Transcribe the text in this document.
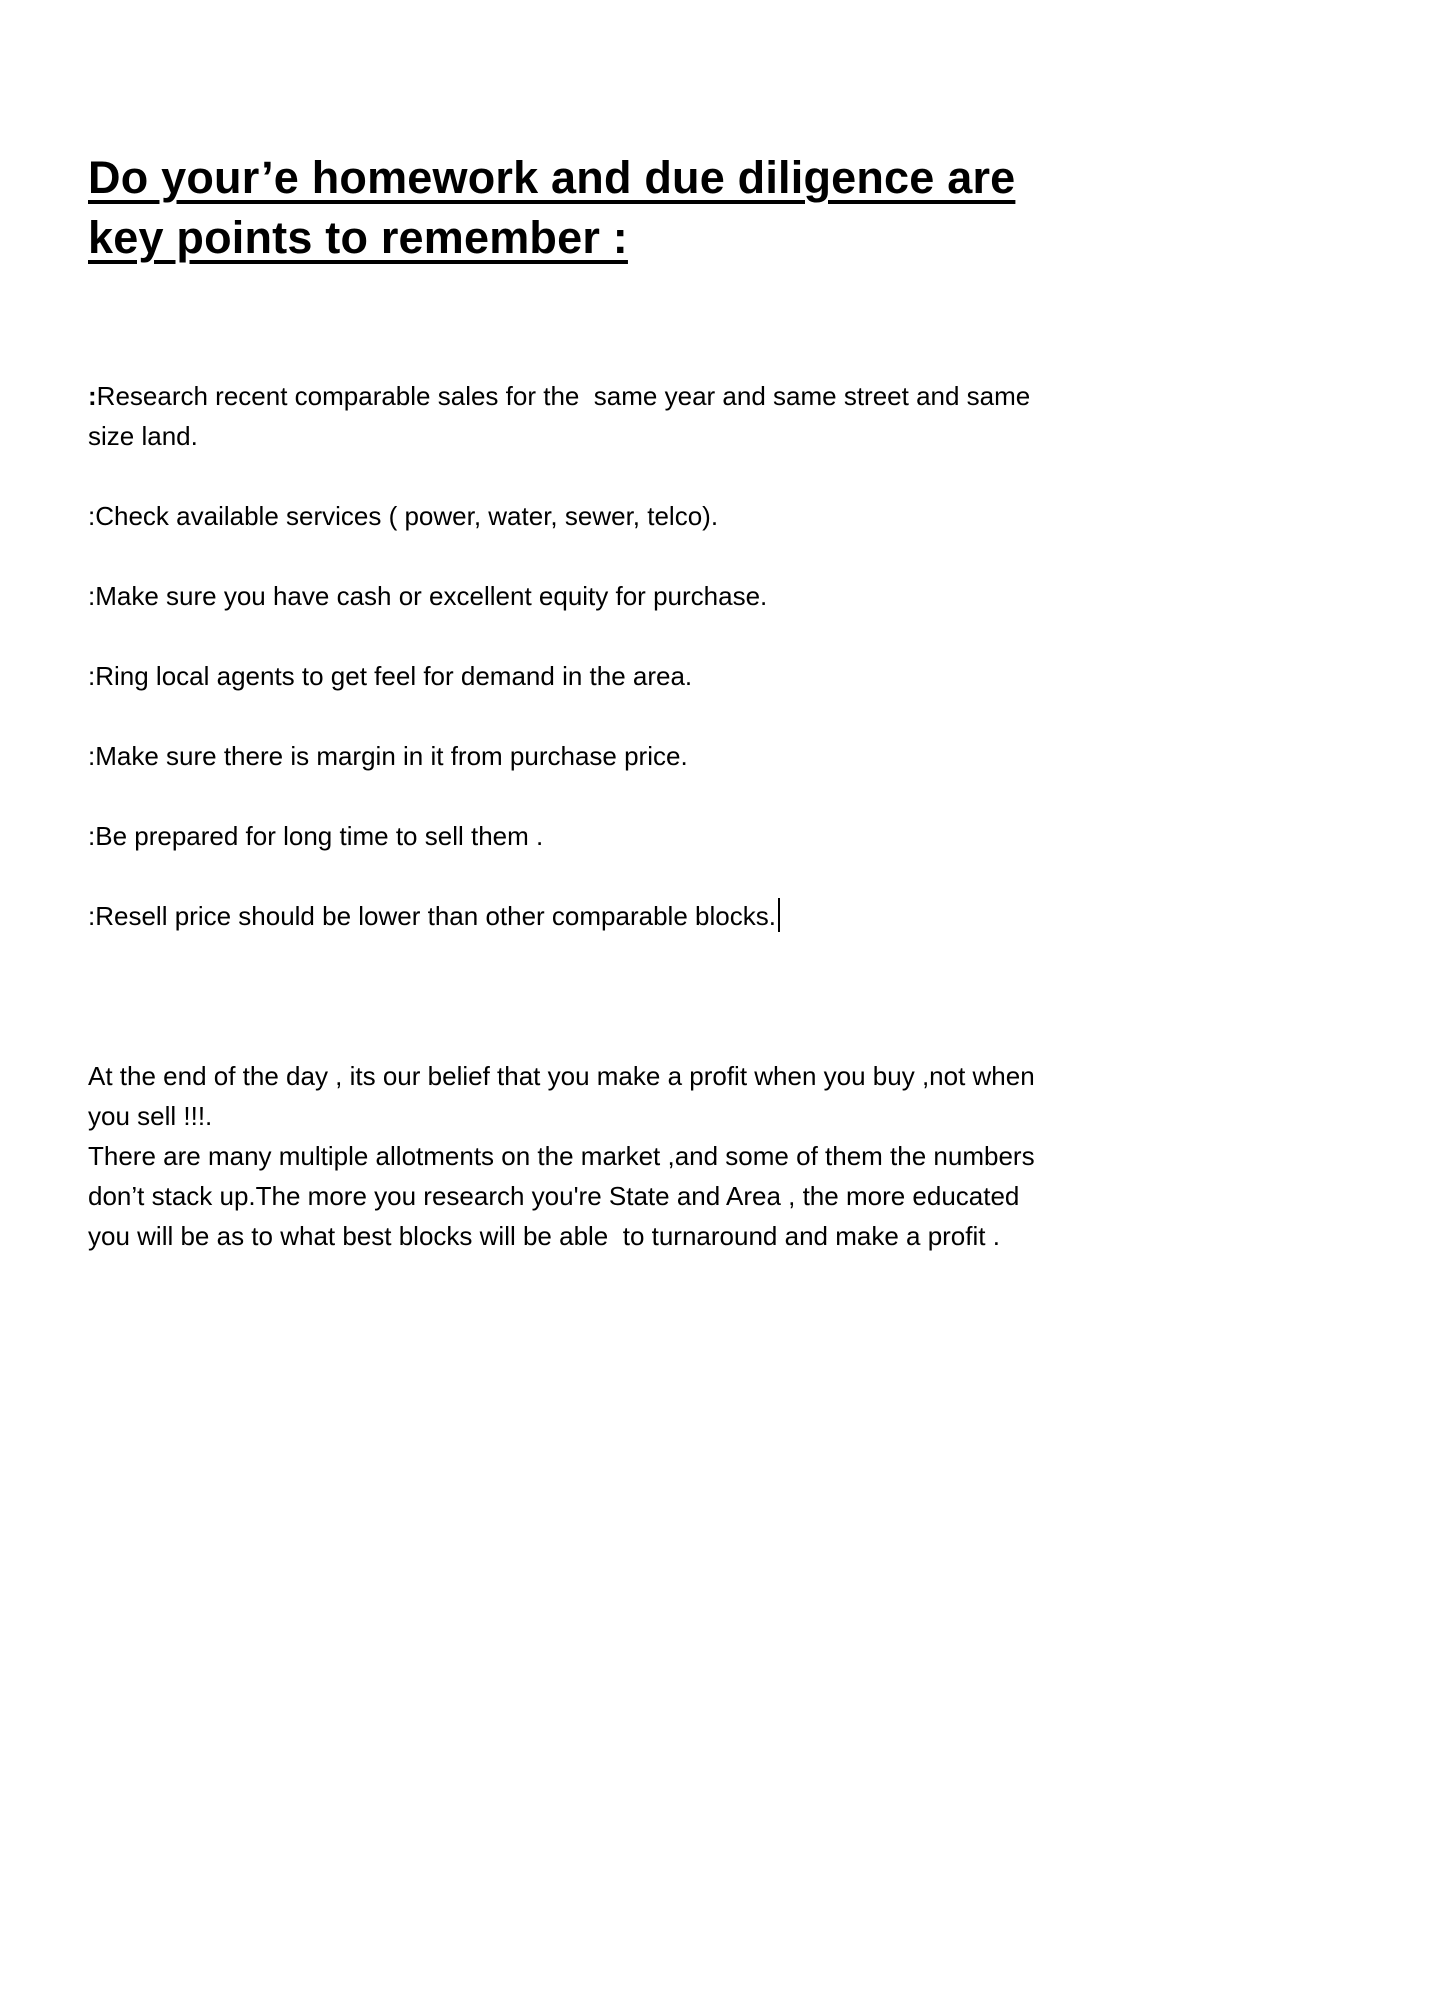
Do your’e homework and due diligence are
key points to remember :
:Research recent comparable sales for the  same year and same street and same
size land.
:Check available services ( power, water, sewer, telco).
:Make sure you have cash or excellent equity for purchase.
:Ring local agents to get feel for demand in the area.
:Make sure there is margin in it from purchase price.
:Be prepared for long time to sell them .
:Resell price should be lower than other comparable blocks.
At the end of the day , its our belief that you make a profit when you buy ,not when
you sell !!!.
There are many multiple allotments on the market ,and some of them the numbers
don’t stack up.The more you research you're State and Area , the more educated
you will be as to what best blocks will be able  to turnaround and make a profit .
